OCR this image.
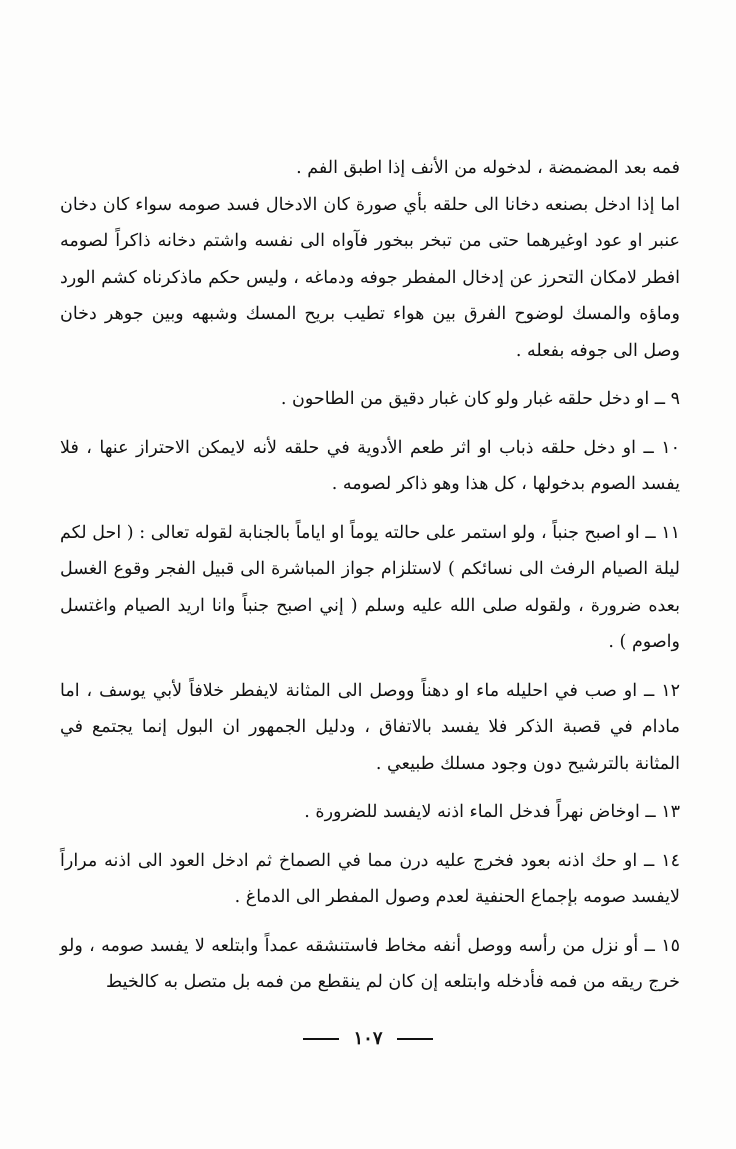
فمه بعد المضمضة ، لدخوله من الأنف إذا اطبق الفم .

اما إذا ادخل بصنعه دخانا الى حلقه بأي صورة كان الادخال فسد صومه سواء كان دخان عنبر او عود اوغيرهما حتى من تبخر ببخور فآواه الى نفسه واشتم دخانه ذاكراً لصومه افطر لامكان التحرز عن إدخال المفطر جوفه ودماغه ، وليس حكم ماذكرناه كشم الورد وماؤه والمسك لوضوح الفرق بين هواء تطيب بريح المسك وشبهه وبين جوهر دخان وصل الى جوفه بفعله .

٩ ــ او دخل حلقه غبار ولو كان غبار دقيق من الطاحون .

١٠ ــ او دخل حلقه ذباب او اثر طعم الأدوية في حلقه لأنه لايمكن الاحتراز عنها ، فلا يفسد الصوم بدخولها ، كل هذا وهو ذاكر لصومه .

١١ ــ او اصبح جنباً ، ولو استمر على حالته يوماً او اياماً بالجنابة لقوله تعالى : ( احل لكم ليلة الصيام الرفث الى نسائكم ) لاستلزام جواز المباشرة الى قبيل الفجر وقوع الغسل بعده ضرورة ، ولقوله صلى الله عليه وسلم ( إني اصبح جنباً وانا اريد الصيام واغتسل واصوم ) .

١٢ ــ او صب في احليله ماء او دهناً ووصل الى المثانة لايفطر خلافاً لأبي يوسف ، اما مادام في قصبة الذكر فلا يفسد بالاتفاق ، ودليل الجمهور ان البول إنما يجتمع في المثانة بالترشيح دون وجود مسلك طبيعي .

١٣ ــ اوخاض نهراً فدخل الماء اذنه لايفسد للضرورة .

١٤ ــ او حك اذنه بعود فخرج عليه درن مما في الصماخ ثم ادخل العود الى اذنه مراراً لايفسد صومه بإجماع الحنفية لعدم وصول المفطر الى الدماغ .

١٥ ــ أو نزل من رأسه ووصل أنفه مخاط فاستنشقه عمداً وابتلعه لا يفسد صومه ، ولو خرج ريقه من فمه فأدخله وابتلعه إن كان لم ينقطع من فمه بل متصل به كالخيط

١٠٧
